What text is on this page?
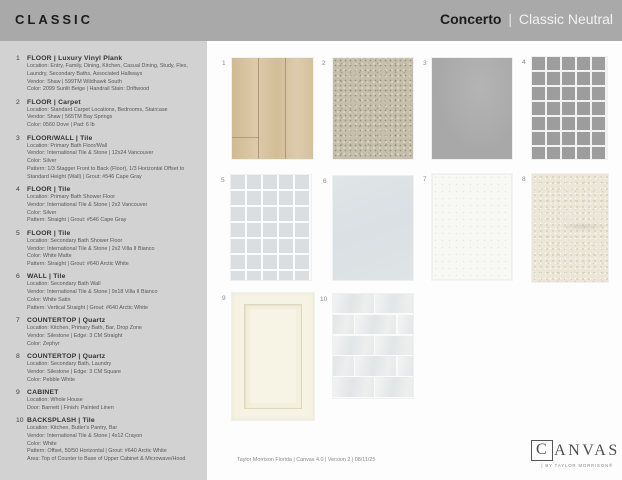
CLASSIC	Concerto | Classic Neutral
1	FLOOR | Luxury Vinyl Plank
Location: Entry, Family, Dining, Kitchen, Casual Dining, Study, Flex, Laundry, Secondary Baths, Associated Hallways
Vendor: Shaw | 599TM Wildhawk South
Color: 2099 Sunlit Beige | Handrail Stain: Driftwood
2	FLOOR | Carpet
Location: Standard Carpet Locations, Bedrooms, Staircase
Vendor: Shaw | 565TM Bay Springs
Color: 0560 Dove | Pad: 6 lb
3	FLOOR/WALL | Tile
Location: Primary Bath Floor/Wall
Vendor: International Tile & Stone | 12x24 Vancouver
Color: Silver
Pattern: 1/3 Stagger Front to Back (Floor), 1/3 Horizontal Offset to Standard Height (Wall) | Grout: #546 Cape Gray
4	FLOOR | Tile
Location: Primary Bath Shower Floor
Vendor: International Tile & Stone | 2x2 Vancouver
Color: Silver
Pattern: Straight | Grout: #546 Cape Gray
5	FLOOR | Tile
Location: Secondary Bath Shower Floor
Vendor: International Tile & Stone | 2x2 Villa II Bianco
Color: White Matte
Pattern: Straight | Grout: #640 Arctic White
6	WALL | Tile
Location: Secondary Bath Wall
Vendor: International Tile & Stone | 9x18 Villa II Bianco
Color: White Satin
Pattern: Vertical Straight | Grout: #640 Arctic White
7	COUNTERTOP | Quartz
Location: Kitchen, Primary Bath, Bar, Drop Zone
Vendor: Silestone | Edge: 3 CM Straight
Color: Zephyr
8	COUNTERTOP | Quartz
Location: Secondary Bath, Laundry
Vendor: Silestone | Edge: 3 CM Square
Color: Pebble White
9	CABINET
Location: Whole House
Door: Barnett | Finish: Painted Linen
10 BACKSPLASH | Tile
Location: Kitchen, Butler's Pantry, Bar
Vendor: International Tile & Stone | 4x12 Crayon
Color: White
Pattern: Offset, 50/50 Horizontal | Grout: #640 Arctic White
Area: Top of Counter to Base of Upper Cabinet & Microwave/Hood
1	2	3	4
5	6	7	8
9	10
Taylor Morrison Florida | Canvas 4.0 | Version 2 | 08/11/25
C ANVAS
| BY TAYLOR MORRISON®
